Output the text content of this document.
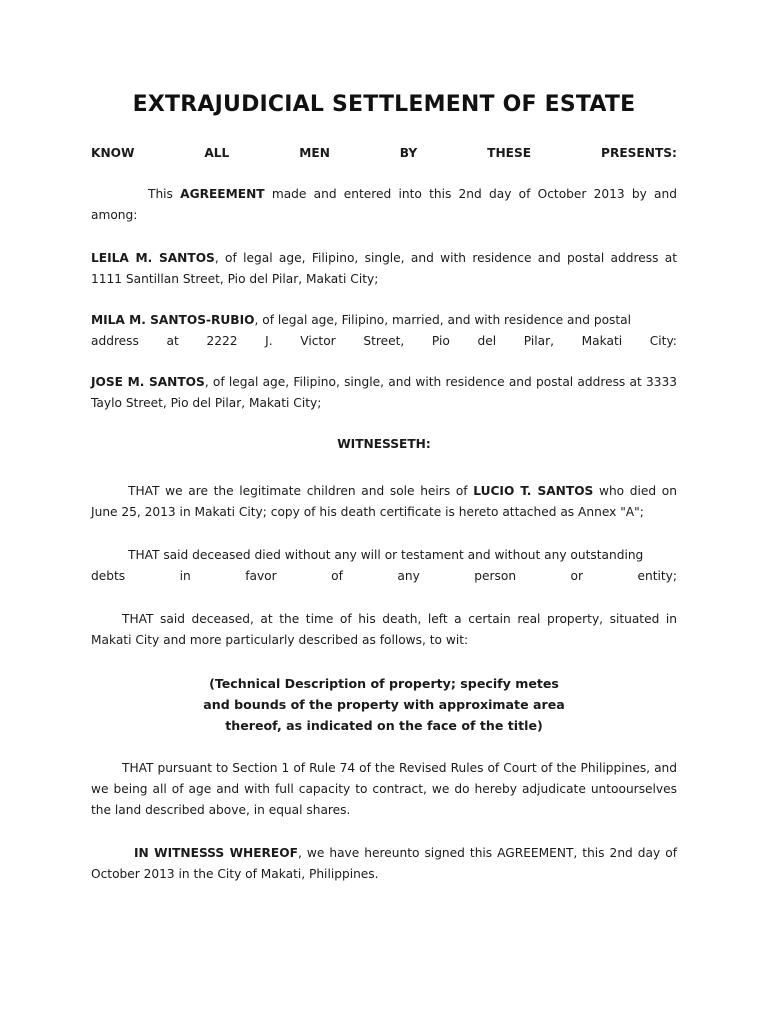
EXTRAJUDICIAL SETTLEMENT OF ESTATE
KNOW	ALL	MEN	BY	THESE	PRESENTS:

This AGREEMENT made and entered into this 2nd day of October 2013 by and among:

LEILA M. SANTOS, of legal age, Filipino, single, and with residence and postal address at 1111 Santillan Street, Pio del Pilar, Makati City;

MILA M. SANTOS-RUBIO, of legal age, Filipino, married, and with residence and postal

address at 2222 J. Victor Street, Pio del Pilar, Makati City:

JOSE M. SANTOS, of legal age, Filipino, single, and with residence and postal address at 3333 Taylo Street, Pio del Pilar, Makati City;

WITNESSETH:

THAT we are the legitimate children and sole heirs of LUCIO T. SANTOS who died on June 25, 2013 in Makati City; copy of his death certificate is hereto attached as Annex "A";

THAT said deceased died without any will or testament and without any outstanding

debts	in	favor	of	any	person	or	entity;

THAT said deceased, at the time of his death, left a certain real property, situated in Makati City and more particularly described as follows, to wit:

(Technical Description of property; specify metes
and bounds of the property with approximate area
thereof, as indicated on the face of the title)

THAT pursuant to Section 1 of Rule 74 of the Revised Rules of Court of the Philippines, and we being all of age and with full capacity to contract, we do hereby adjudicate untoourselves the land described above, in equal shares.

IN WITNESSS WHEREOF, we have hereunto signed this AGREEMENT, this 2nd day of October 2013 in the City of Makati, Philippines.
